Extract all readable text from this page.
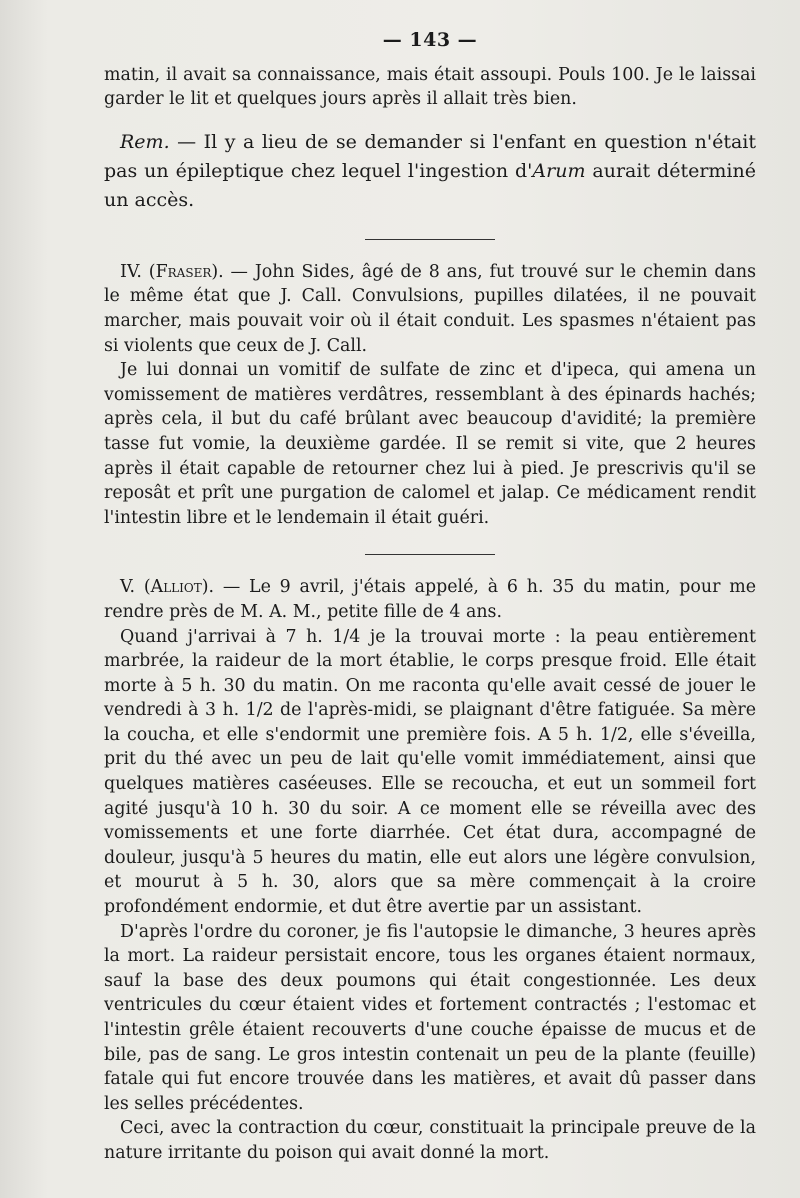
— 143 —

matin, il avait sa connaissance, mais était assoupi. Pouls 100. Je le laissai garder le lit et quelques jours après il allait très bien.

Rem. — Il y a lieu de se demander si l'enfant en question n'était pas un épileptique chez lequel l'ingestion d'Arum aurait déterminé un accès.

IV. (Fraser). — John Sides, âgé de 8 ans, fut trouvé sur le chemin dans le même état que J. Call. Convulsions, pupilles dilatées, il ne pouvait marcher, mais pouvait voir où il était conduit. Les spasmes n'étaient pas si violents que ceux de J. Call.

Je lui donnai un vomitif de sulfate de zinc et d'ipeca, qui amena un vomissement de matières verdâtres, ressemblant à des épinards hachés; après cela, il but du café brûlant avec beaucoup d'avidité; la première tasse fut vomie, la deuxième gardée. Il se remit si vite, que 2 heures après il était capable de retourner chez lui à pied. Je prescrivis qu'il se reposât et prît une purgation de calomel et jalap. Ce médicament rendit l'intestin libre et le lendemain il était guéri.

V. (Alliot). — Le 9 avril, j'étais appelé, à 6 h. 35 du matin, pour me rendre près de M. A. M., petite fille de 4 ans.

Quand j'arrivai à 7 h. 1/4 je la trouvai morte : la peau entièrement marbrée, la raideur de la mort établie, le corps presque froid. Elle était morte à 5 h. 30 du matin. On me raconta qu'elle avait cessé de jouer le vendredi à 3 h. 1/2 de l'après-midi, se plaignant d'être fatiguée. Sa mère la coucha, et elle s'endormit une première fois. A 5 h. 1/2, elle s'éveilla, prit du thé avec un peu de lait qu'elle vomit immédiatement, ainsi que quelques matières caséeuses. Elle se recoucha, et eut un sommeil fort agité jusqu'à 10 h. 30 du soir. A ce moment elle se réveilla avec des vomissements et une forte diarrhée. Cet état dura, accompagné de douleur, jusqu'à 5 heures du matin, elle eut alors une légère convulsion, et mourut à 5 h. 30, alors que sa mère commençait à la croire profondément endormie, et dut être avertie par un assistant.

D'après l'ordre du coroner, je fis l'autopsie le dimanche, 3 heures après la mort. La raideur persistait encore, tous les organes étaient normaux, sauf la base des deux poumons qui était congestionnée. Les deux ventricules du cœur étaient vides et fortement contractés ; l'estomac et l'intestin grêle étaient recouverts d'une couche épaisse de mucus et de bile, pas de sang. Le gros intestin contenait un peu de la plante (feuille) fatale qui fut encore trouvée dans les matières, et avait dû passer dans les selles précédentes.

Ceci, avec la contraction du cœur, constituait la principale preuve de la nature irritante du poison qui avait donné la mort.
